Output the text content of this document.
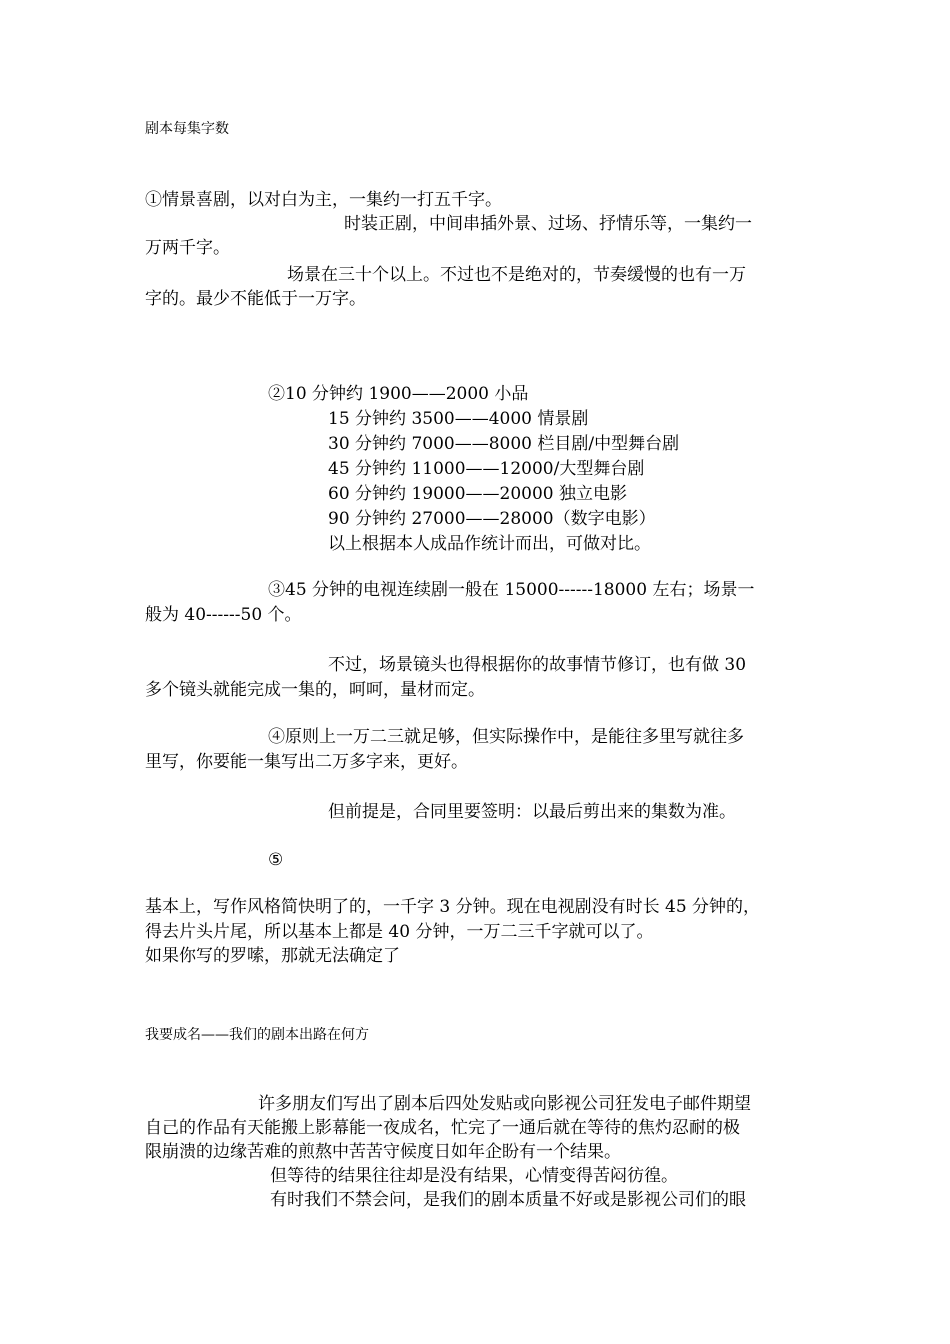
剧本每集字数
①情景喜剧，以对白为主，一集约一打五千字。
时装正剧，中间串插外景、过场、抒情乐等，一集约一
万两千字。
场景在三十个以上。不过也不是绝对的，节奏缓慢的也有一万
字的。最少不能低于一万字。
②10 分钟约 1900——2000 小品
15 分钟约 3500——4000 情景剧
30 分钟约 7000——8000 栏目剧/中型舞台剧
45 分钟约 11000——12000/大型舞台剧
60 分钟约 19000——20000 独立电影
90 分钟约 27000——28000（数字电影）
以上根据本人成品作统计而出，可做对比。
③45 分钟的电视连续剧一般在 15000------18000 左右；场景一
般为 40------50 个。
不过，场景镜头也得根据你的故事情节修订，也有做 30
多个镜头就能完成一集的，呵呵，量材而定。
④原则上一万二三就足够，但实际操作中，是能往多里写就往多
里写，你要能一集写出二万多字来，更好。
但前提是，合同里要签明：以最后剪出来的集数为准。
⑤
基本上，写作风格简快明了的，一千字 3 分钟。现在电视剧没有时长 45 分钟的，
得去片头片尾，所以基本上都是 40 分钟，一万二三千字就可以了。
如果你写的罗嗦，那就无法确定了
我要成名——我们的剧本出路在何方
许多朋友们写出了剧本后四处发贴或向影视公司狂发电子邮件期望
自己的作品有天能搬上影幕能一夜成名，忙完了一通后就在等待的焦灼忍耐的极
限崩溃的边缘苦难的煎熬中苦苦守候度日如年企盼有一个结果。
但等待的结果往往却是没有结果，心情变得苦闷彷徨。
有时我们不禁会问，是我们的剧本质量不好或是影视公司们的眼
